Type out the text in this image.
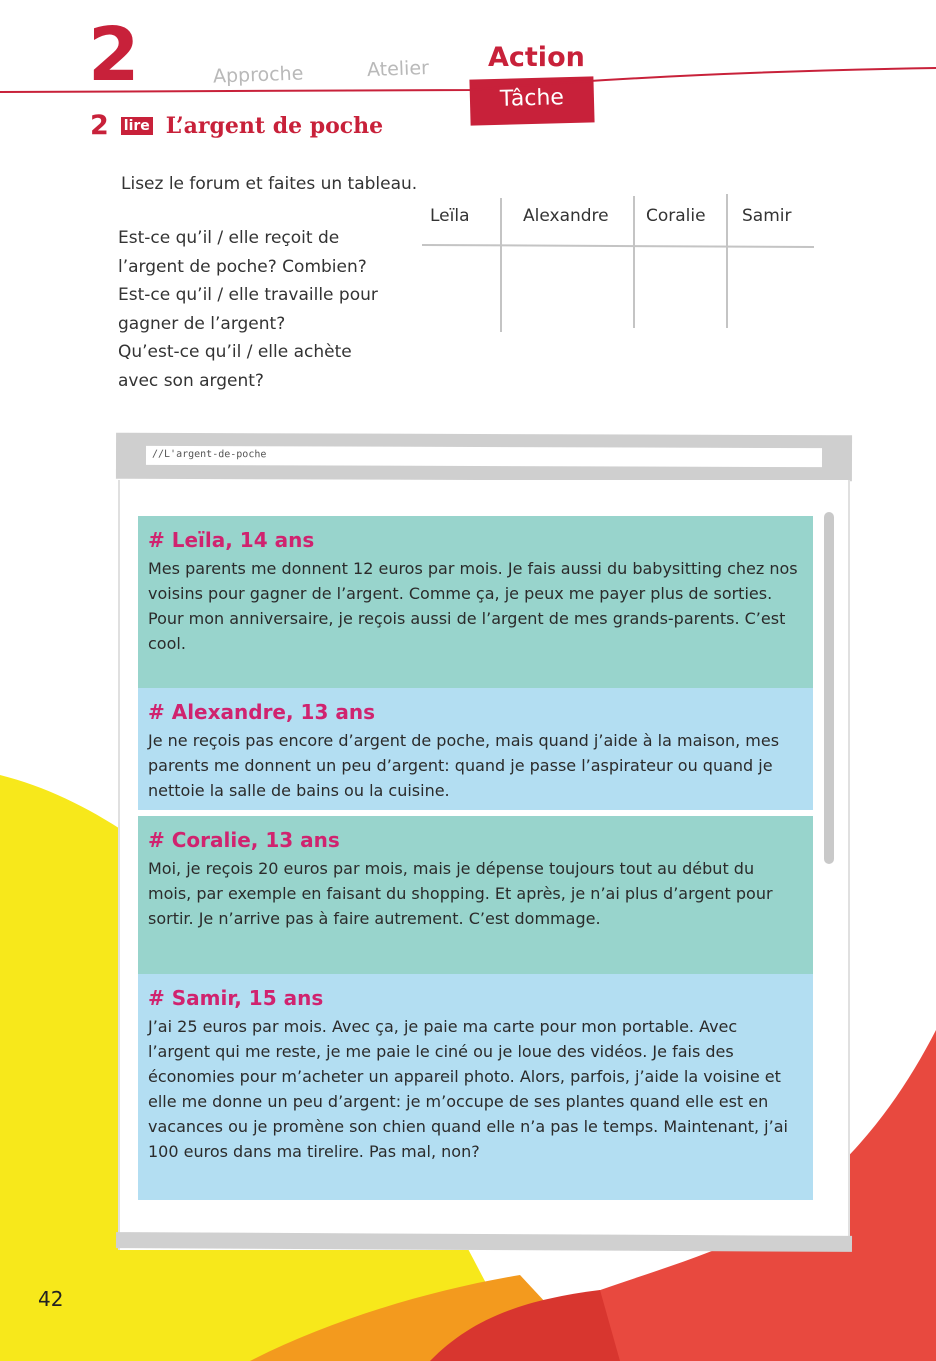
2	Approche	Atelier Action
Tâche
2 lire L’argent de poche
Lisez le forum et faites un tableau.
Est-ce qu’il / elle reçoit de
l’argent de poche? Combien?
Est-ce qu’il / elle travaille pour
gagner de l’argent?
Qu’est-ce qu’il / elle achète
avec son argent?
Leïla	Alexandre Coralie Samir
//L'argent-de-poche
# Leïla, 14 ans
Mes parents me donnent 12 euros par mois. Je fais aussi du babysitting chez nos voisins pour gagner de l’argent. Comme ça, je peux me payer plus de sorties. Pour mon anniversaire, je reçois aussi de l’argent de mes grands-parents. C’est cool.
# Alexandre, 13 ans
Je ne reçois pas encore d’argent de poche, mais quand j’aide à la maison, mes parents me donnent un peu d’argent: quand je passe l’aspirateur ou quand je nettoie la salle de bains ou la cuisine.
# Coralie, 13 ans
Moi, je reçois 20 euros par mois, mais je dépense toujours tout au début du mois, par exemple en faisant du shopping. Et après, je n’ai plus d’argent pour sortir. Je n’arrive pas à faire autrement. C’est dommage.
# Samir, 15 ans
J’ai 25 euros par mois. Avec ça, je paie ma carte pour mon portable. Avec l’argent qui me reste, je me paie le ciné ou je loue des vidéos. Je fais des économies pour m’acheter un appareil photo. Alors, parfois, j’aide la voisine et elle me donne un peu d’argent: je m’occupe de ses plantes quand elle est en vacances ou je promène son chien quand elle n’a pas le temps. Maintenant, j’ai 100 euros dans ma tirelire. Pas mal, non?
42
